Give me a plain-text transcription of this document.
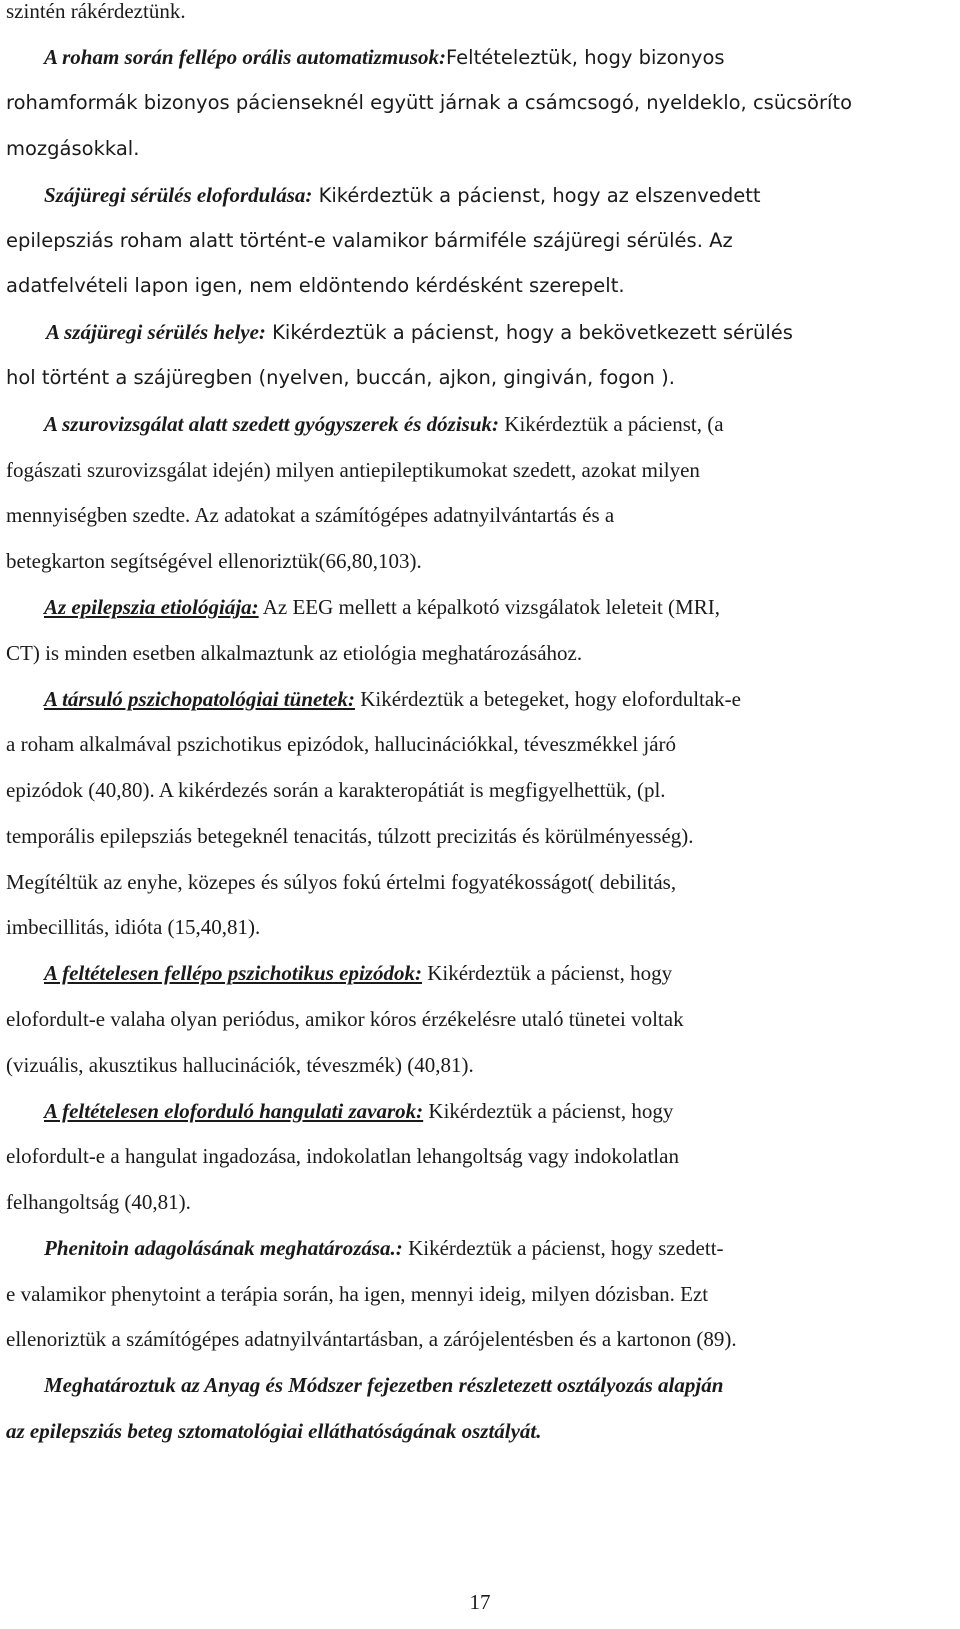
szintén rákérdeztünk.
A roham során fellépo orális automatizmusok:Feltételeztük, hogy bizonyos
rohamformák bizonyos pácienseknél együtt járnak a csámcsogó, nyeldeklo, csücsörítо
mozgásokkal.
Szájüregi sérülés elofordulása: Kikérdeztük a pácienst, hogy az elszenvedett
epilepsziás roham alatt történt-e valamikor bármiféle szájüregi sérülés. Az
adatfelvételi lapon igen, nem eldöntendo kérdésként szerepelt.
A szájüregi sérülés helye: Kikérdeztük a pácienst, hogy a bekövetkezett sérülés
hol történt a szájüregben (nyelven, buccán, ajkon, gingiván, fogon ).
A szurovizsgálat alatt szedett gyógyszerek és dózisuk: Kikérdeztük a pácienst, (a
fogászati szurovizsgálat idején) milyen antiepileptikumokat szedett, azokat milyen
mennyiségben szedte. Az adatokat a számítógépes adatnyilvántartás és a
betegkarton segítségével ellenoriztük(66,80,103).
Az epilepszia etiológiája: Az EEG mellett a képalkotó vizsgálatok leleteit (MRI,
CT) is minden esetben alkalmaztunk az etiológia meghatározásához.
A társuló pszichopatológiai tünetek: Kikérdeztük a betegeket, hogy elofordultak-e
a roham alkalmával pszichotikus epizódok, hallucinációkkal, téveszmékkel járó
epizódok (40,80). A kikérdezés során a karakteropátiát is megfigyelhettük, (pl.
temporális epilepsziás betegeknél tenacitás, túlzott precizitás és körülményesség).
Megítéltük az enyhe, közepes és súlyos fokú értelmi fogyatékosságot( debilitás,
imbecillitás, idióta (15,40,81).
A feltételesen fellépo pszichotikus epizódok: Kikérdeztük a pácienst, hogy
elofordult-e valaha olyan periódus, amikor kóros érzékelésre utaló tünetei voltak
(vizuális, akusztikus hallucinációk, téveszmék) (40,81).
A feltételesen eloforduló hangulati zavarok: Kikérdeztük a pácienst, hogy
elofordult-e a hangulat ingadozása, indokolatlan lehangoltság vagy indokolatlan
felhangoltság (40,81).
Phenitoin adagolásának meghatározása.: Kikérdeztük a pácienst, hogy szedett-
e valamikor phenytoint a terápia során, ha igen, mennyi ideig, milyen dózisban. Ezt
ellenoriztük a számítógépes adatnyilvántartásban, a zárójelentésben és a kartonon (89).
Meghatároztuk az Anyag és Módszer fejezetben részletezett osztályozás alapján
az epilepsziás beteg sztomatológiai elláthatóságának osztályát.
17
